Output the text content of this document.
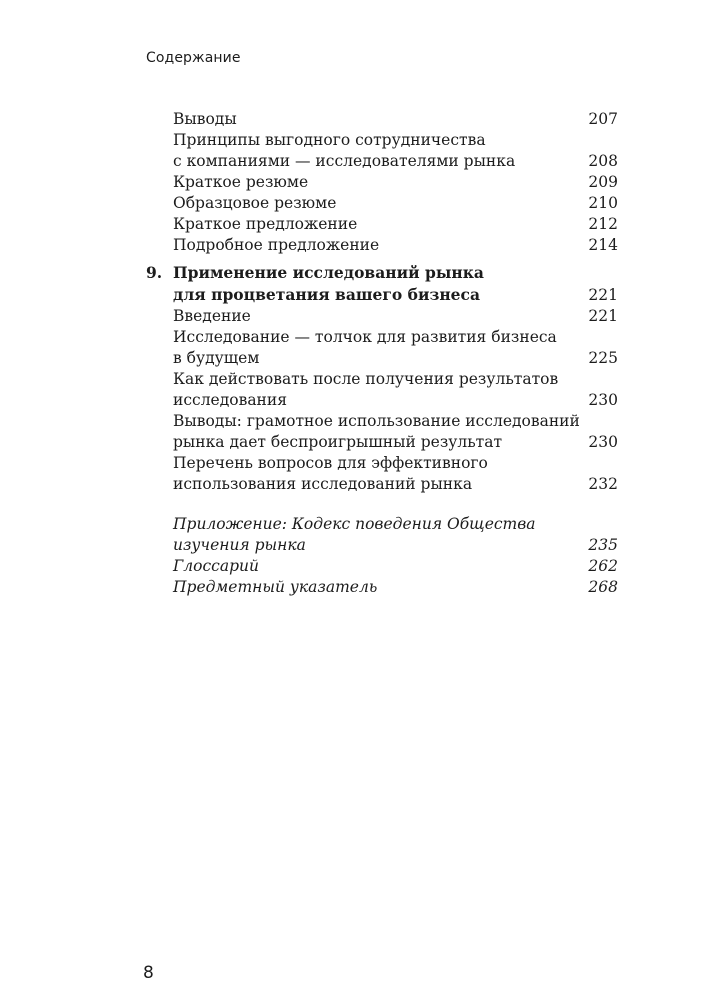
Содержание
Выводы	207
Принципы выгодного сотрудничества
с компаниями — исследователями рынка	208
Краткое резюме	209
Образцовое резюме	210
Краткое предложение	212
Подробное предложение	214
9. Применение исследований рынка
для процветания вашего бизнеса	221
Введение	221
Исследование — толчок для развития бизнеса
в будущем	225
Как действовать после получения результатов
исследования	230
Выводы: грамотное использование исследований
рынка дает беспроигрышный результат	230
Перечень вопросов для эффективного
использования исследований рынка	232
Приложение: Кодекс поведения Общества
изучения рынка	235
Глоссарий	262
Предметный указатель	268
8
